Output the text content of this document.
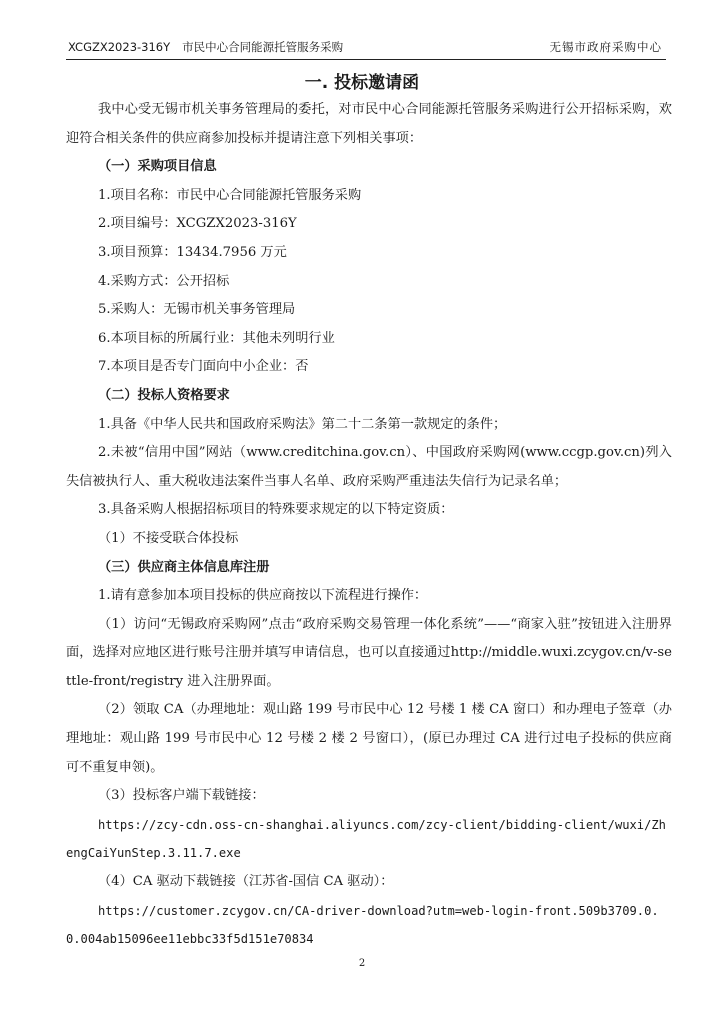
XCGZX2023-316Y 市民中心合同能源托管服务采购	无锡市政府采购中心
一. 投标邀请函

我中心受无锡市机关事务管理局的委托，对市民中心合同能源托管服务采购进行公开招标采购，欢迎符合相关条件的供应商参加投标并提请注意下列相关事项：

（一）采购项目信息

1.项目名称：市民中心合同能源托管服务采购

2.项目编号：XCGZX2023-316Y

3.项目预算：13434.7956 万元

4.采购方式：公开招标

5.采购人：无锡市机关事务管理局

6.本项目标的所属行业：其他未列明行业

7.本项目是否专门面向中小企业：否

（二）投标人资格要求

1.具备《中华人民共和国政府采购法》第二十二条第一款规定的条件；

2.未被“信用中国”网站（www.creditchina.gov.cn）、中国政府采购网(www.ccgp.gov.cn)列入失信被执行人、重大税收违法案件当事人名单、政府采购严重违法失信行为记录名单；

3.具备采购人根据招标项目的特殊要求规定的以下特定资质：

（1）不接受联合体投标

（三）供应商主体信息库注册

1.请有意参加本项目投标的供应商按以下流程进行操作：

（1）访问“无锡政府采购网”点击“政府采购交易管理一体化系统”——“商家入驻”按钮进入注册界面，选择对应地区进行账号注册并填写申请信息，也可以直接通过http://middle.wuxi.zcygov.cn/v-settle-front/registry 进入注册界面。

（2）领取 CA（办理地址：观山路 199 号市民中心 12 号楼 1 楼 CA 窗口）和办理电子签章（办理地址：观山路 199 号市民中心 12 号楼 2 楼 2 号窗口），(原已办理过 CA 进行过电子投标的供应商可不重复申领)。

（3）投标客户端下载链接：

https://zcy-cdn.oss-cn-shanghai.aliyuncs.com/zcy-client/bidding-client/wuxi/ZhengCaiYunStep.3.11.7.exe

（4）CA 驱动下载链接（江苏省-国信 CA 驱动）：

https://customer.zcygov.cn/CA-driver-download?utm=web-login-front.509b3709.0.0.004ab15096ee11ebbc33f5d151e70834

2
